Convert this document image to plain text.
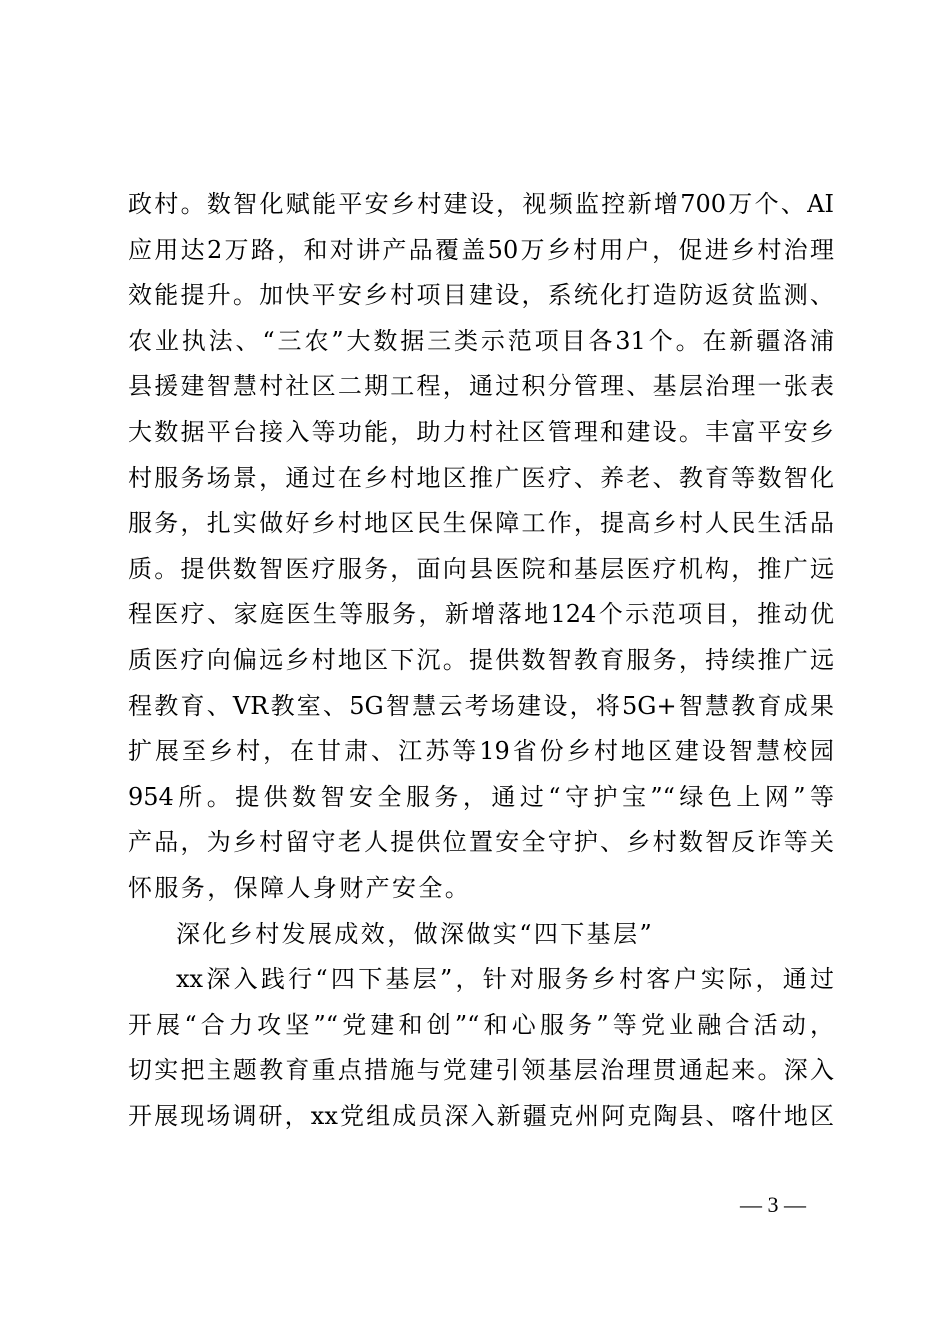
政村。数智化赋能平安乡村建设，视频监控新增700万个、AI
应用达2万路，和对讲产品覆盖50万乡村用户，促进乡村治理
效能提升。加快平安乡村项目建设，系统化打造防返贫监测、
农业执法、“三农”大数据三类示范项目各31个。在新疆洛浦
县援建智慧村社区二期工程，通过积分管理、基层治理一张表
大数据平台接入等功能，助力村社区管理和建设。丰富平安乡
村服务场景，通过在乡村地区推广医疗、养老、教育等数智化
服务，扎实做好乡村地区民生保障工作，提高乡村人民生活品
质。提供数智医疗服务，面向县医院和基层医疗机构，推广远
程医疗、家庭医生等服务，新增落地124个示范项目，推动优
质医疗向偏远乡村地区下沉。提供数智教育服务，持续推广远
程教育、VR教室、5G智慧云考场建设，将5G+智慧教育成果
扩展至乡村，在甘肃、江苏等19省份乡村地区建设智慧校园
954所。提供数智安全服务，通过“守护宝”“绿色上网”等
产品，为乡村留守老人提供位置安全守护、乡村数智反诈等关
怀服务，保障人身财产安全。
深化乡村发展成效，做深做实“四下基层”
xx深入践行“四下基层”，针对服务乡村客户实际，通过
开展“合力攻坚”“党建和创”“和心服务”等党业融合活动，
切实把主题教育重点措施与党建引领基层治理贯通起来。深入
开展现场调研，xx党组成员深入新疆克州阿克陶县、喀什地区
— 3 —
